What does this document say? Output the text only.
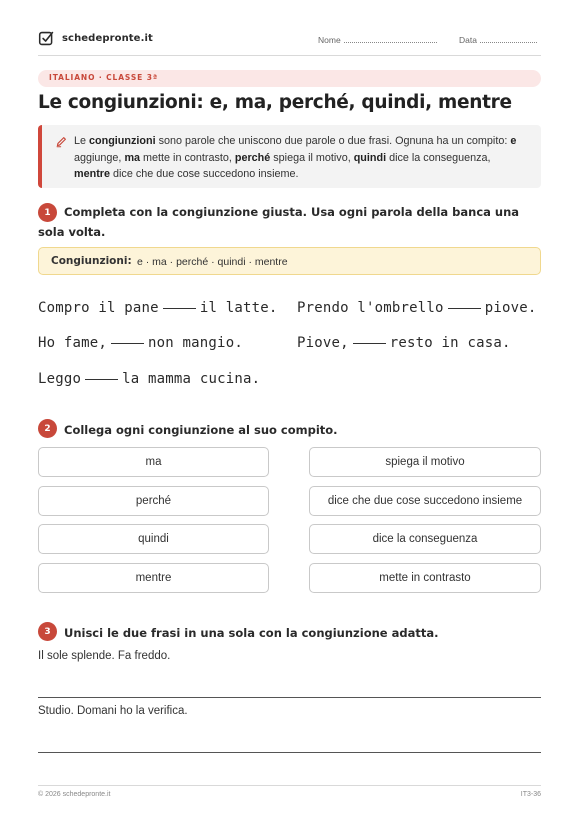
schedepronte.it	Nome	Data
ITALIANO · CLASSE 3ª
Le congiunzioni: e, ma, perché, quindi, mentre

Le congiunzioni sono parole che uniscono due parole o due frasi. Ognuna ha un compito: e aggiunge, ma mette in contrasto, perché spiega il motivo, quindi dice la conseguenza, mentre dice che due cose succedono insieme.

1	Completa con la congiunzione giusta. Usa ogni parola della banca una sola volta.
Congiunzioni: e · ma · perché · quindi · mentre
Compro il pane	il latte. Prendo l'ombrello	piove.
Ho fame,	non mangio.	Piove,	resto in casa.
Leggo	la mamma cucina.
2	Collega ogni congiunzione al suo compito.
ma
perché
quindi
mentre
spiega il motivo
dice che due cose succedono insieme
dice la conseguenza
mette in contrasto
3	Unisci le due frasi in una sola con la congiunzione adatta.
Il sole splende. Fa freddo.
Studio. Domani ho la verifica.
© 2026 schedepronte.it	IT3-36
